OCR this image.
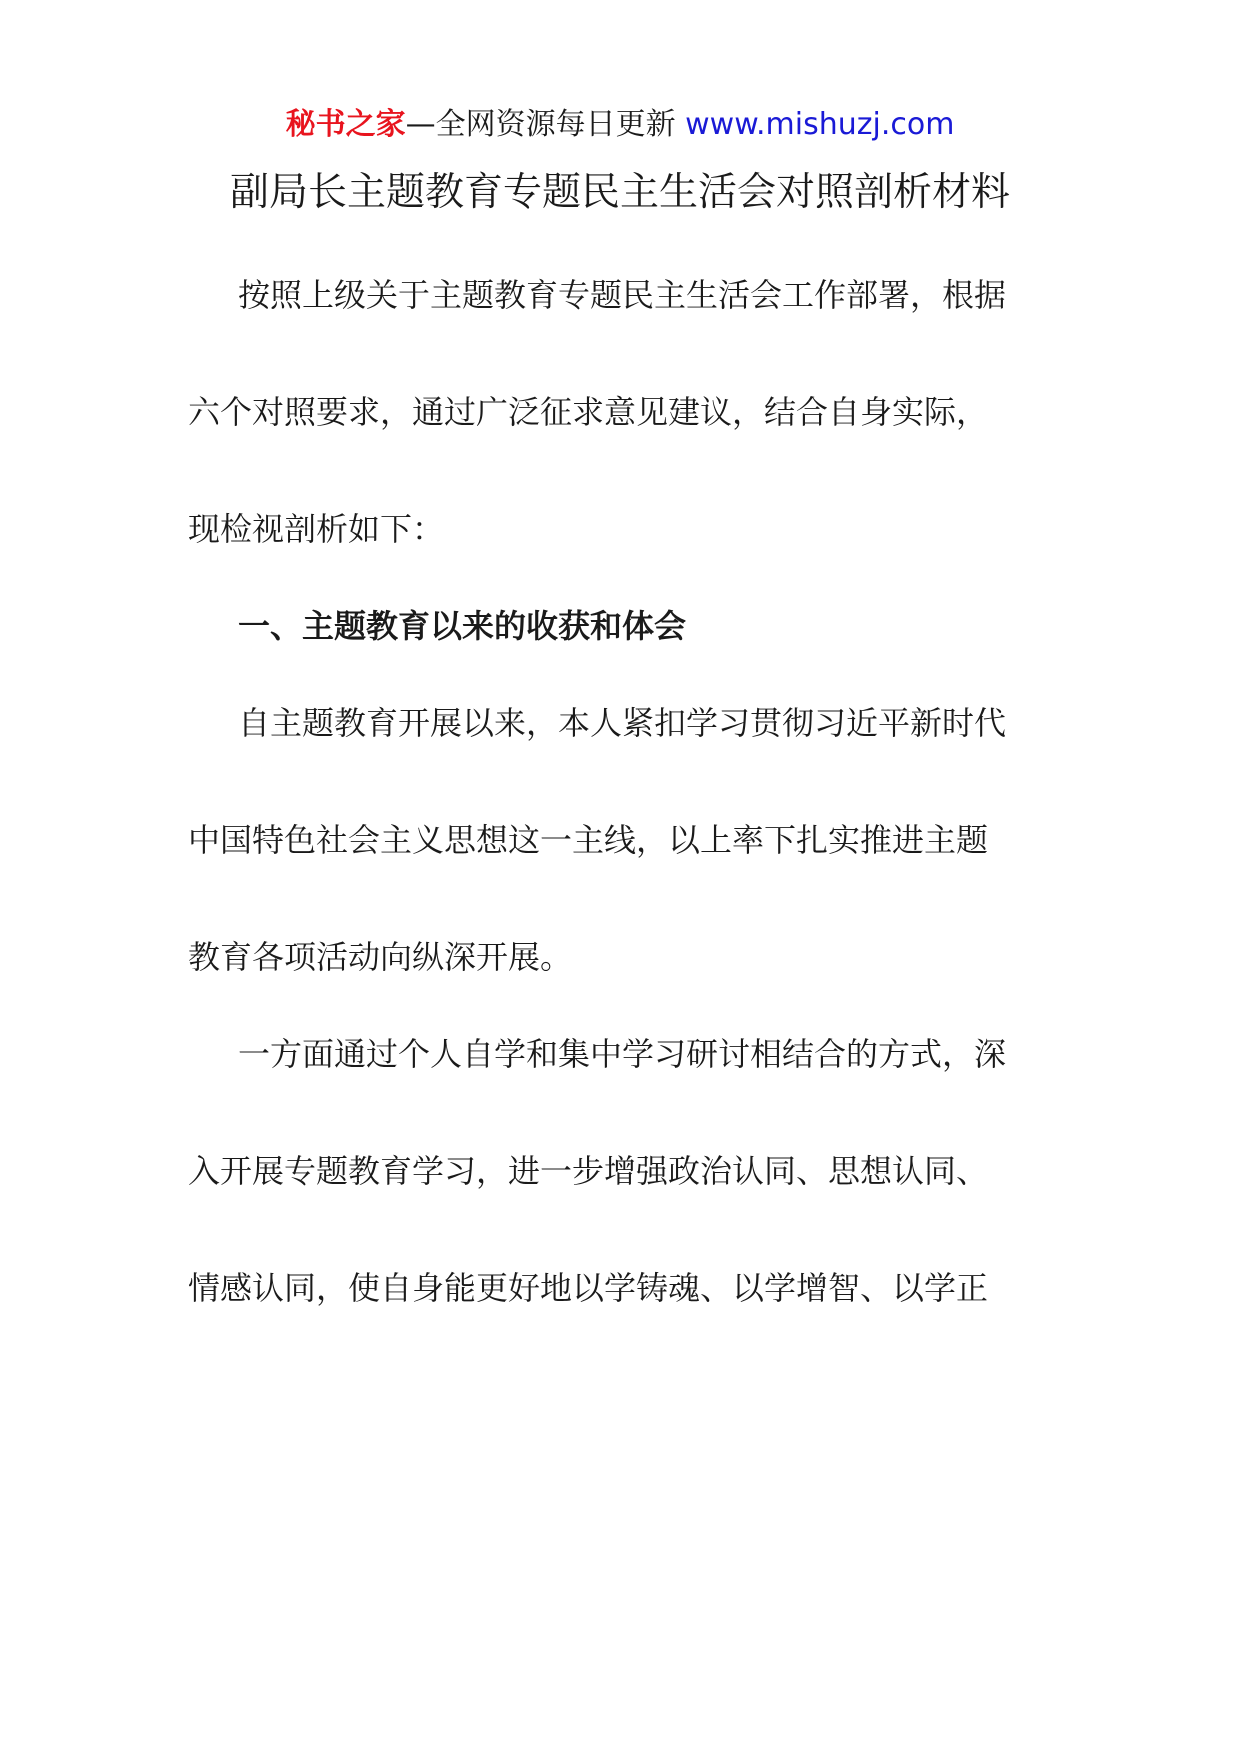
秘书之家—全网资源每日更新 www.mishuzj.com
副局长主题教育专题民主生活会对照剖析材料
按照上级关于主题教育专题民主生活会工作部署，根据
六个对照要求，通过广泛征求意见建议，结合自身实际，
现检视剖析如下：
一、主题教育以来的收获和体会
自主题教育开展以来，本人紧扣学习贯彻习近平新时代
中国特色社会主义思想这一主线，以上率下扎实推进主题
教育各项活动向纵深开展。
一方面通过个人自学和集中学习研讨相结合的方式，深
入开展专题教育学习，进一步增强政治认同、思想认同、
情感认同，使自身能更好地以学铸魂、以学增智、以学正
